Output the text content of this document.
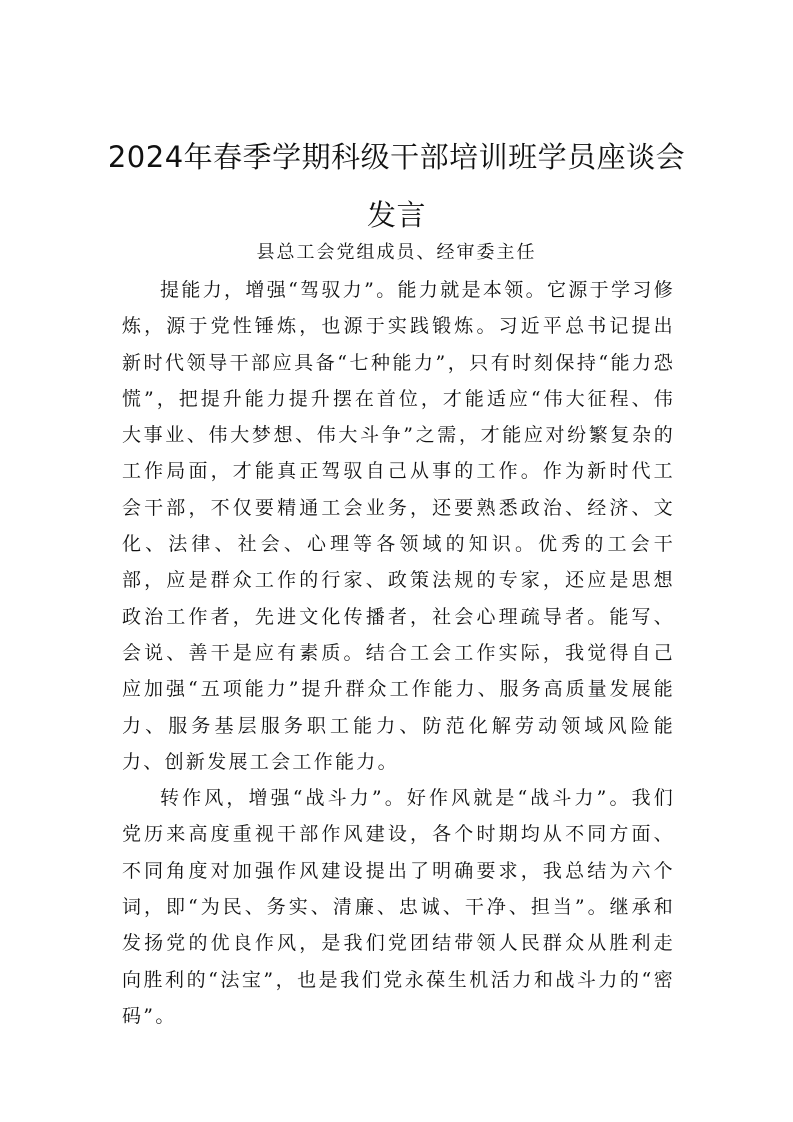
2024年春季学期科级干部培训班学员座谈会发言
县总工会党组成员、经审委主任

提能力，增强“驾驭力”。能力就是本领。它源于学习修炼，源于党性锤炼，也源于实践锻炼。习近平总书记提出新时代领导干部应具备“七种能力”，只有时刻保持“能力恐慌”，把提升能力提升摆在首位，才能适应“伟大征程、伟大事业、伟大梦想、伟大斗争”之需，才能应对纷繁复杂的工作局面，才能真正驾驭自己从事的工作。作为新时代工会干部，不仅要精通工会业务，还要熟悉政治、经济、文化、法律、社会、心理等各领域的知识。优秀的工会干部，应是群众工作的行家、政策法规的专家，还应是思想政治工作者，先进文化传播者，社会心理疏导者。能写、会说、善干是应有素质。结合工会工作实际，我觉得自己应加强“五项能力”提升群众工作能力、服务高质量发展能力、服务基层服务职工能力、防范化解劳动领域风险能力、创新发展工会工作能力。

转作风，增强“战斗力”。好作风就是“战斗力”。我们党历来高度重视干部作风建设，各个时期均从不同方面、不同角度对加强作风建设提出了明确要求，我总结为六个词，即“为民、务实、清廉、忠诚、干净、担当”。继承和发扬党的优良作风，是我们党团结带领人民群众从胜利走向胜利的“法宝”，也是我们党永葆生机活力和战斗力的“密码”。
